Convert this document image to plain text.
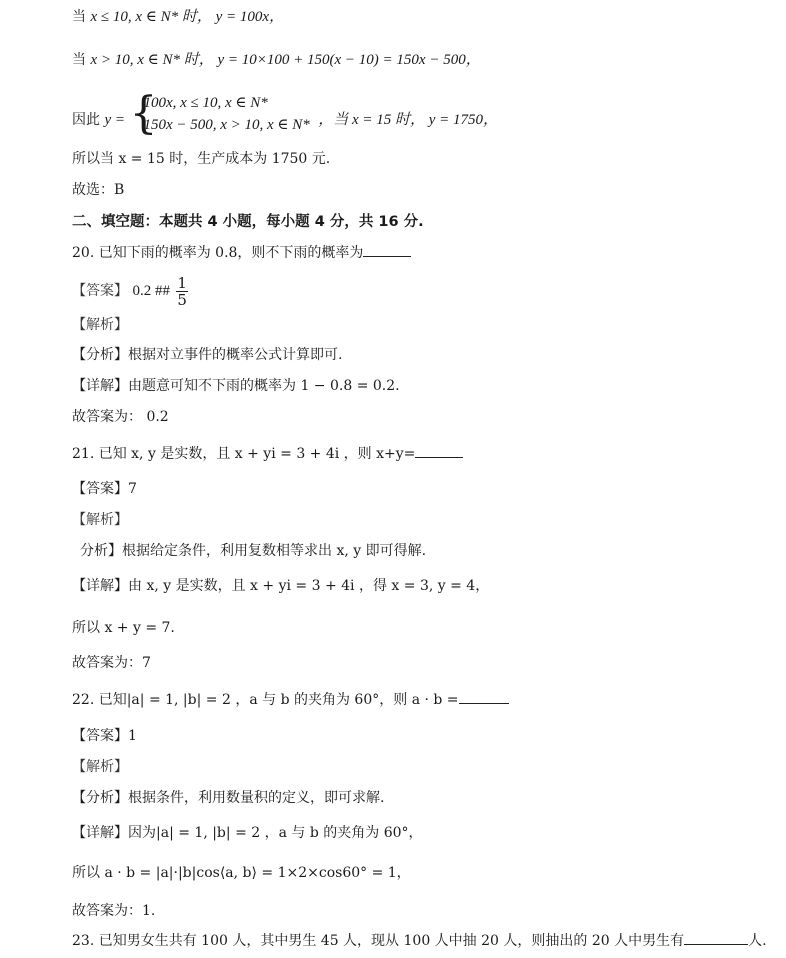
当 x ≤ 10, x ∈ N* 时， y = 100x，
当 x > 10, x ∈ N* 时， y = 10×100 + 150(x − 10) = 150x − 500，
因此 y = {
100x, x ≤ 10, x ∈ N*
150x − 500, x > 10, x ∈ N* ，当 x = 15 时， y = 1750，
所以当 x = 15 时，生产成本为 1750 元.
故选：B
二、填空题：本题共 4 小题，每小题 4 分，共 16 分.
20. 已知下雨的概率为 0.8，则不下雨的概率为
【答案】 0.2 ## $\frac{1}{5}$
【解析】
【分析】根据对立事件的概率公式计算即可.
【详解】由题意可知不下雨的概率为 1 − 0.8 = 0.2.
故答案为： 0.2
21. 已知 x, y 是实数，且 x + yi = 3 + 4i ，则 x+y=
【答案】7
【解析】
分析】根据给定条件，利用复数相等求出 x, y 即可得解.
【详解】由 x, y 是实数，且 x + yi = 3 + 4i ，得 x = 3, y = 4，
所以 x + y = 7.
故答案为：7
22. 已知|a| = 1, |b| = 2 ，a 与 b 的夹角为 60°，则 a · b =
【答案】1
【解析】
【分析】根据条件，利用数量积的定义，即可求解.
【详解】因为|a| = 1, |b| = 2 ，a 与 b 的夹角为 60°，
所以 a · b = |a|·|b|cos⟨a, b⟩ = 1×2×cos60° = 1，
故答案为：1.
23. 已知男女生共有 100 人，其中男生 45 人，现从 100 人中抽 20 人，则抽出的 20 人中男生有	人.
